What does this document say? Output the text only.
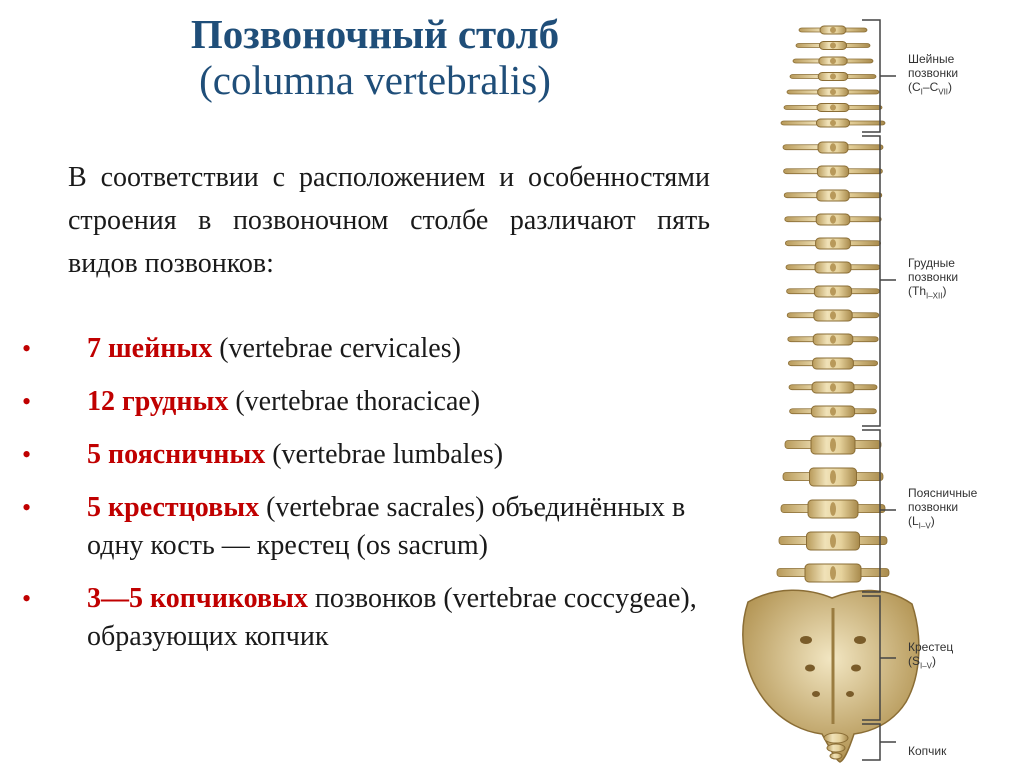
Позвоночный столб
(columna vertebralis)
В соответствии с расположением и особенностями строения в позвоночном столбе различают пять видов позвонков:
• 7 шейных (vertebrae cervicales)
• 12 грудных (vertebrae thoracicae)
• 5 поясничных (vertebrae lumbales)
• 5 крестцовых (vertebrae sacrales) объединённых в одну кость — крестец (os sacrum)
• 3—5 копчиковых позвонков (vertebrae coccygeae), образующих копчик
Шейные
позвонки
$(C_I-C_{VII})$
Грудные
позвонки
$(Th_{I-XII})$
Поясничные
позвонки
$(L_{I-V})$
Крестец
$(S_{I-V})$
Копчик
